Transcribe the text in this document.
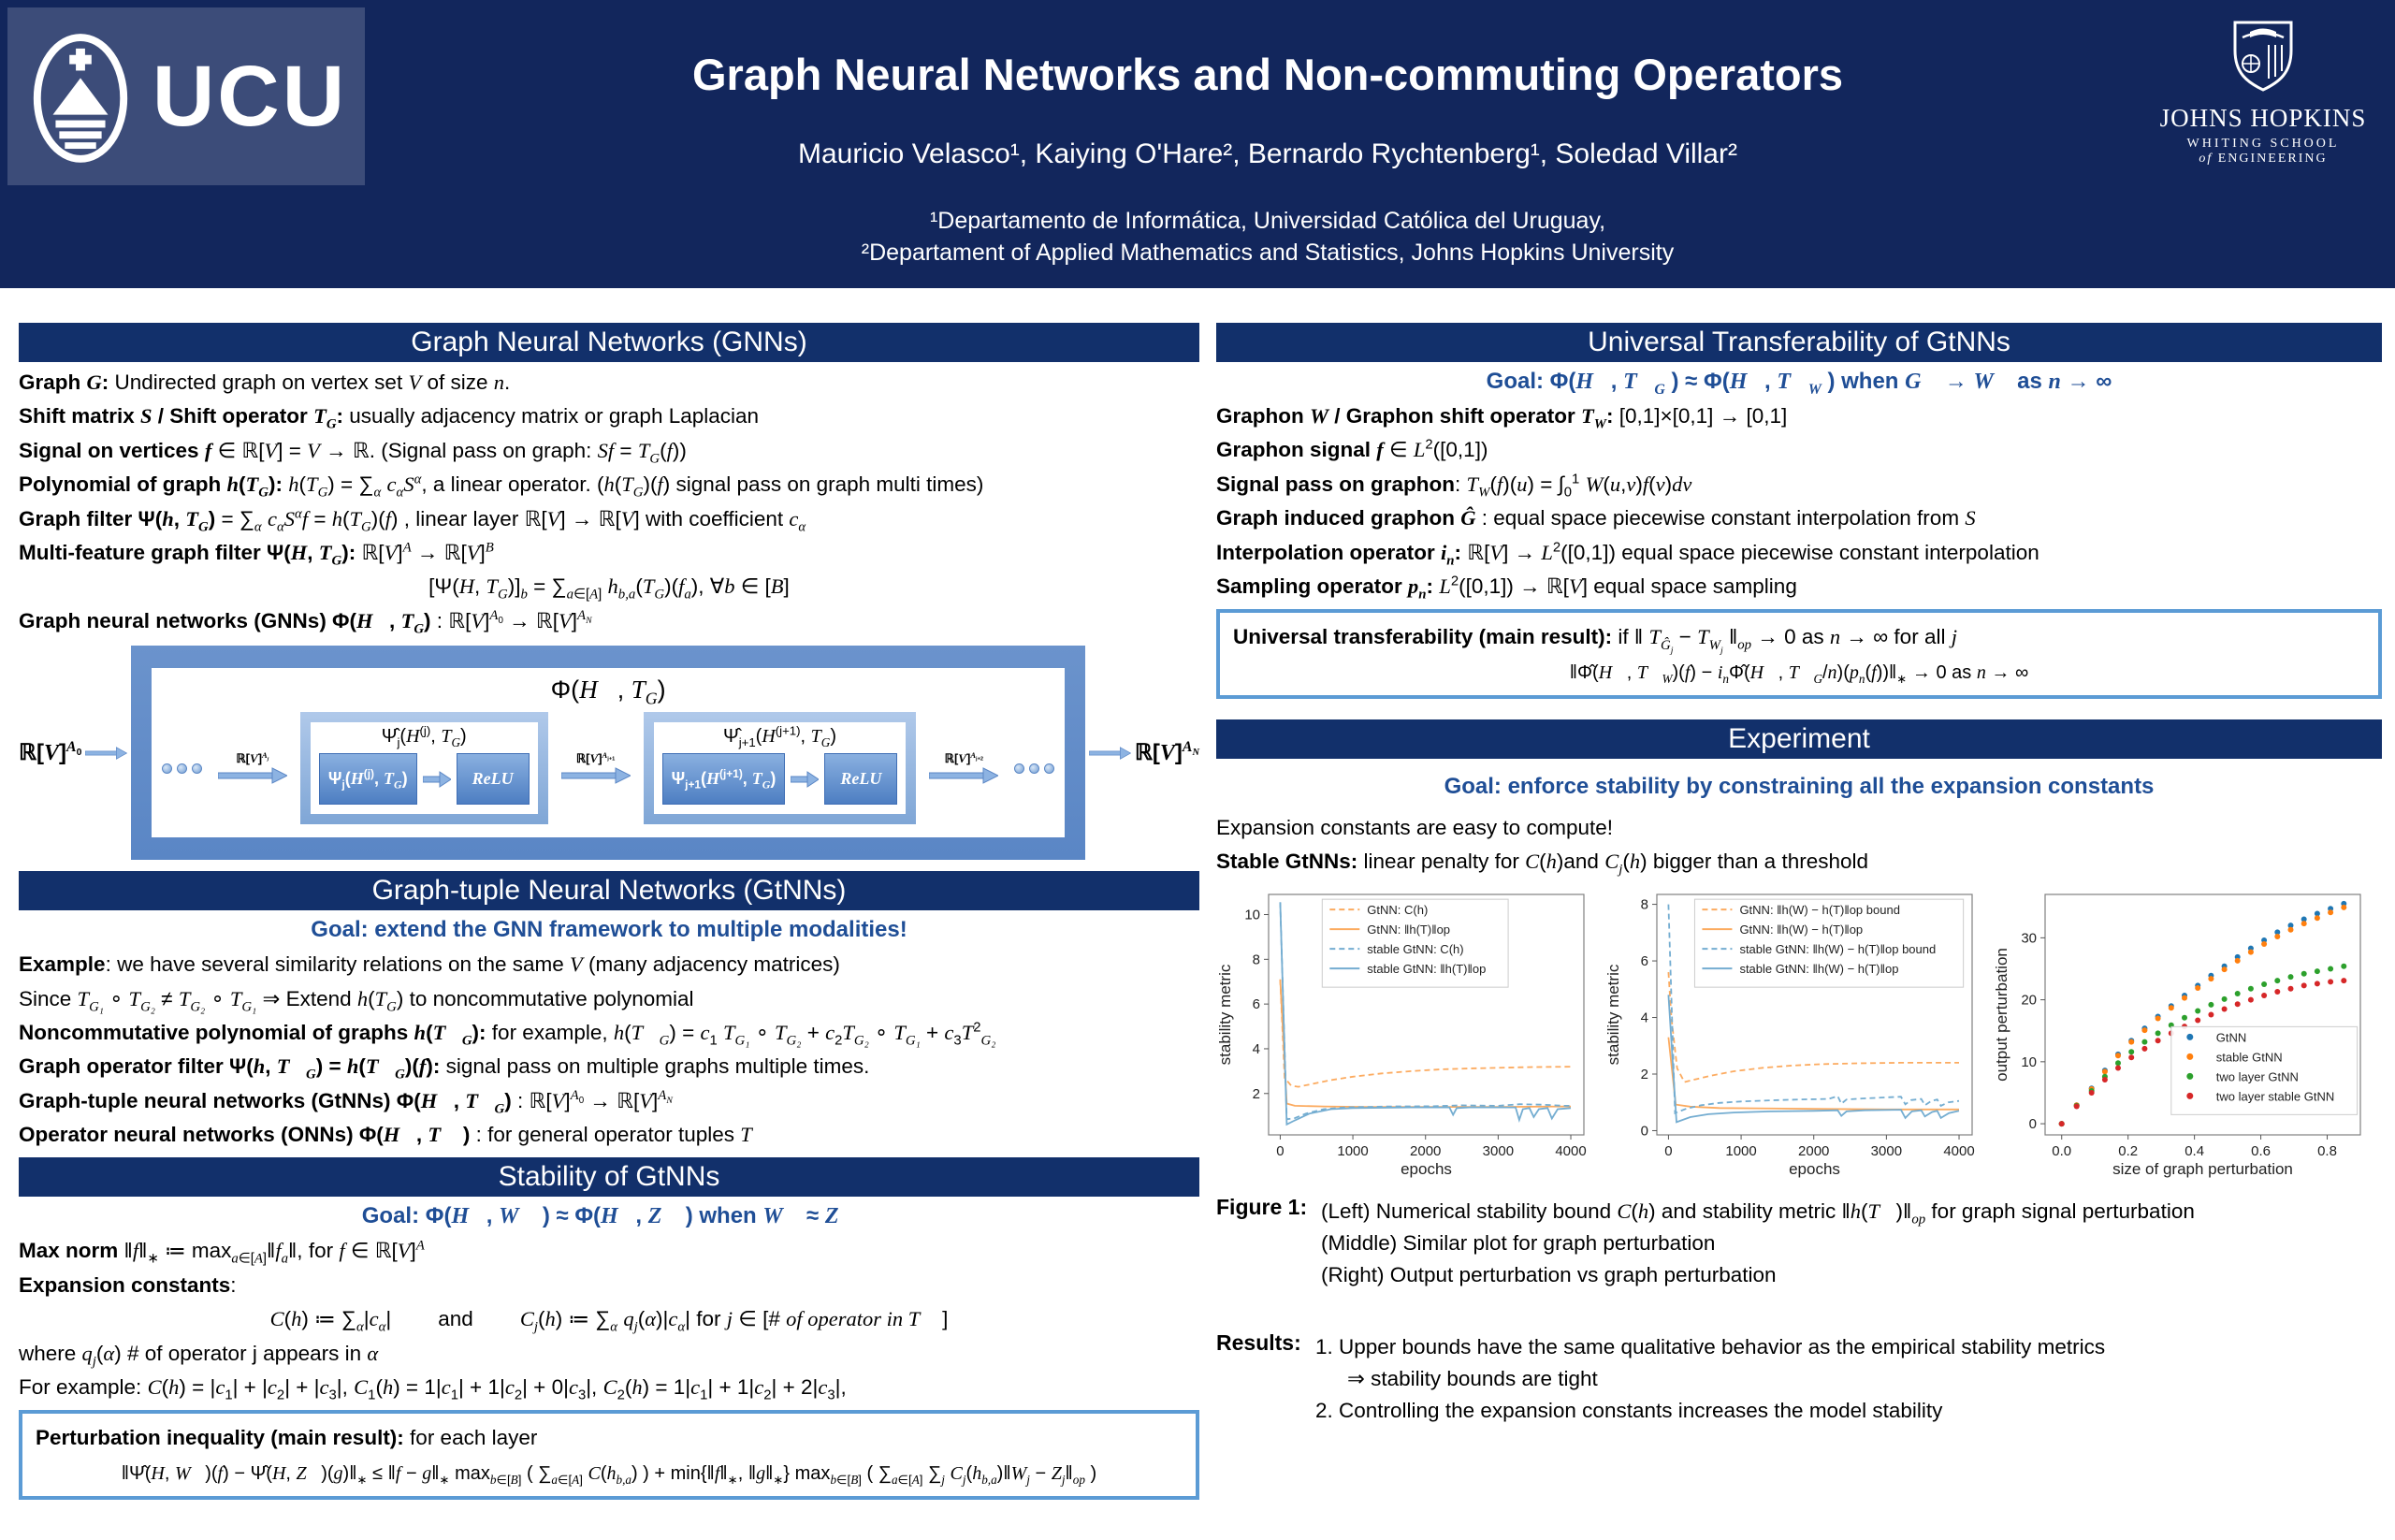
UCU	Graph Neural Networks and Non-commuting Operators
Mauricio Velasco¹, Kaiying O'Hare², Bernardo Rychtenberg¹, Soledad Villar²
¹Departamento de Informática, Universidad Católica del Uruguay,
²Departament of Applied Mathematics and Statistics, Johns Hopkins University
JOHNS HOPKINS
WHITING SCHOOL
of ENGINEERING
Graph Neural Networks (GNNs)
Graph G: Undirected graph on vertex set V of size n.
Shift matrix S / Shift operator $T_G$: usually adjacency matrix or graph Laplacian
Signal on vertices f ∈ ℝ[V] = V → ℝ. (Signal pass on graph: $Sf = T_G(f)$)
Polynomial of graph $h(T_G)$: $h(T_G) = \sum_\alpha$ $c_\alpha S^\alpha$, a linear operator. ($h(T_G)(f)$ signal pass on graph multi times)
Graph filter Ψ(h, $T_G) = \sum_\alpha$ $c_\alpha S^\alpha f = h(T_G)(f)$ , linear layer ℝ[V] → ℝ[V] with coefficient $c_\alpha$
Multi-feature graph filter Ψ(H, $T_G$): $ℝ[V]^A$ → $ℝ[V]^B$
[Ψ(H, $T_G)]_b = \sum_{a\in[A]}$ $h_{b,a}(T_G)(f_a)$, ∀b ∈ [B]
Graph neural networks (GNNs) Φ(H⃗, $T_G$) : $ℝ[V]^{A_0}$ → $ℝ[V]^{A_N}$
$ℝ[V]^{A_0}$
Φ(H⃗, $T_G$)
$ℝ[V]^{A_j}$
$\Psî_j(H^{(j)}$, $T_G$)
$\Psi_j(H^{(j)}$, $T_G$)	ReLU
$ℝ[V]^{A_{j+1}}$
$\Psî_{j+1}(H^{(j+1)}$, $T_G$)
$\Psi_{j+1}(H^{(j+1)}$, $T_G$)	ReLU
$ℝ[V]^{A_{j+2}}$	$ℝ[V]^{A_N}$
Graph-tuple Neural Networks (GtNNs)
Goal: extend the GNN framework to multiple modalities!
Example: we have several similarity relations on the same V (many adjacency matrices)
Since $T_{G_1}$ ∘ $T_{G_2} \ne T_{G_2}$ ∘ $T_{G_1}$ ⇒ Extend $h(T_G)$ to noncommutative polynomial
Noncommutative polynomial of graphs $h(T⃗_G)$: for example, $h(T⃗_G) = c_1$ $T_{G_1}$ ∘ $T_{G_2} + c_2T_{G_2}$ ∘ $T_{G_1} + c_3T^2_{G_2}$
Graph operator filter Ψ(h, $T⃗_G$) = $h(T⃗_G)(f)$: signal pass on multiple graphs multiple times.
Graph-tuple neural networks (GtNNs) Φ(H⃗, $T⃗_G$) : $ℝ[V]^{A_0}$ → $ℝ[V]^{A_N}$
Operator neural networks (ONNs) Φ(H⃗, T⃗ ) : for general operator tuples T⃗
Stability of GtNNs
Goal: Φ(H⃗, W⃗ ) ≈ Φ(H⃗, Z⃗ ) when W⃗ ≈ Z⃗
Max norm $‖f‖_∗$ ≔ $\max_{a\in[A]}‖f_a‖$, for f ∈ $ℝ[V]^A$
Expansion constants:
C(h) ≔ $\sum_\alpha|c_\alpha|$        and        $C_j(h)$ ≔ $\sum_\alpha$ $q_j(\alpha)|c_\alpha|$ for j ∈ [# of operator in T⃗ ]
where $q_j(\alpha)$ # of operator j appears in α
For example: $C(h) = |c_1| + |c_2| + |c_3|$, $C_1(h) = 1|c_1| + 1|c_2| + 0|c_3|$, $C_2(h) = 1|c_1| + 1|c_2| + 2|c_3|$,
Perturbation inequality (main result): for each layer
‖Ψ̂(H, W⃗)(f) − Ψ̂(H, $Z⃗)(g)‖_∗$ ≤ ‖f − $g‖_∗$ $\max_{b\in[B]}$ ( $\sum_{a\in[A]}$ $C(h_{b,a})$ ) + $\min\{‖f‖_∗$, $‖g‖_∗$} $\max_{b\in[B]}$ ( $\sum_{a\in[A]}$ $\sum_j$ $C_j(h_{b,a})‖W_j$ − $Z_j‖_{op}$ )
Universal Transferability of GtNNs
Goal: Φ(H⃗, $T⃗_G$ ) ≈ Φ(H⃗, $T⃗_W$ ) when G⃗ → W⃗ as n → ∞
Graphon W / Graphon shift operator $T_W$: [0,1]×[0,1] → [0,1]
Graphon signal f ∈ $L^2([0,1])$
Signal pass on graphon: $T_W(f)(u) = \int_0^1$ W(u,v)f(v)dv
Graph induced graphon Ĝ : equal space piecewise constant interpolation from S
Interpolation operator $i_n$: ℝ[V] → $L^2([0,1])$ equal space piecewise constant interpolation
Sampling operator $p_n$: $L^2([0,1])$ → ℝ[V] equal space sampling
Universal transferability (main result): if ‖ $T_{Ĝ_j} - T_{W_j}$ $‖_{op} \to 0$ as n → ∞ for all j
‖Φ̂(H⃗, $T⃗_W)(f)$ − $i_n\Phî(H⃗$, $T⃗_G/n)(p_n(f))‖_∗ \to 0$ as n → ∞
Experiment
Goal: enforce stability by constraining all the expansion constants
Expansion constants are easy to compute!
Stable GtNNs: linear penalty for C(h)and $C_j(h)$ bigger than a threshold
0	1000	2000	3000	4000
2
4
6
8
10
epochs
stability metric
GtNN: C(h)
GtNN: ‖h(T)‖op
stable GtNN: C(h)
stable GtNN: ‖h(T)‖op
0	1000	2000	3000	4000
0
2
4
6
8
epochs
stability metric
GtNN: ‖h(W) − h(T)‖op bound
GtNN: ‖h(W) − h(T)‖op
stable GtNN: ‖h(W) − h(T)‖op bound
stable GtNN: ‖h(W) − h(T)‖op
0.0	0.2	0.4	0.6	0.8
0
10
20
30
size of graph perturbation
output perturbation	GtNN
stable GtNN
two layer GtNN
two layer stable GtNN
Figure 1: (Left) Numerical stability bound C(h) and stability metric $‖h(T⃗)‖_{op}$ for graph signal perturbation
(Middle) Similar plot for graph perturbation
(Right) Output perturbation vs graph perturbation
Results: 1. Upper bounds have the same qualitative behavior as the empirical stability metrics
⇒ stability bounds are tight
2. Controlling the expansion constants increases the model stability
